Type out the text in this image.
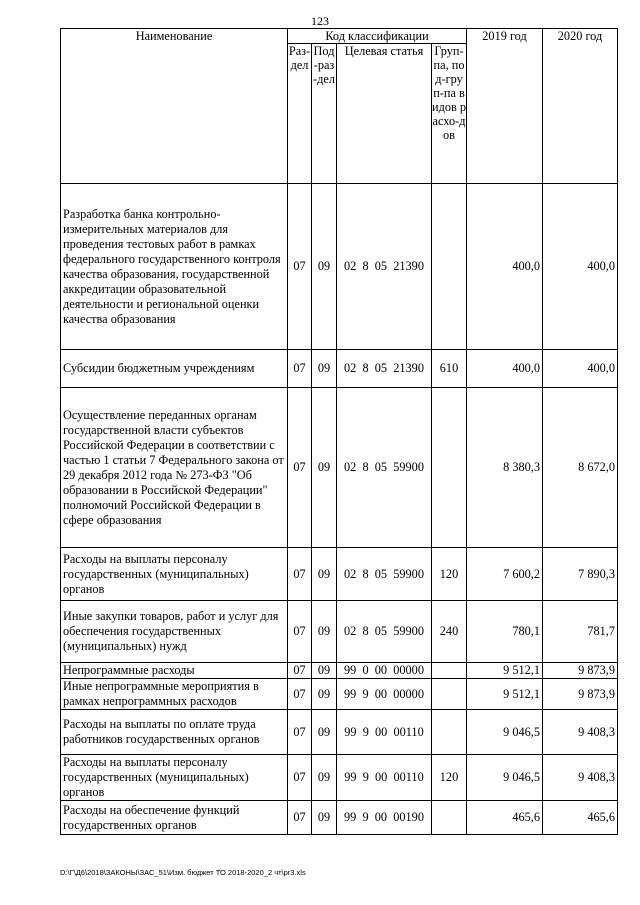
123
Наименование	Код классификации				2019 год	2020 год
	Раз-дел	Под-раз-дел	Целевая статья	Груп-па, под-груп-па видов расхо-дов		
Разработка банка контрольно-измерительных материалов для проведения тестовых работ в рамках федерального государственного контроля качества образования, государственной аккредитации образовательной деятельности и региональной оценки качества образования	07	09	02  8  05  21390		400,0	400,0
Субсидии бюджетным учреждениям	07	09	02  8  05  21390	610	400,0	400,0
Осуществление переданных органам государственной власти субъектов Российской Федерации в соответствии с частью 1 статьи 7 Федерального закона от 29 декабря 2012 года № 273-ФЗ "Об образовании в Российской Федерации" полномочий Российской Федерации в сфере образования	07	09	02  8  05  59900		8 380,3	8 672,0
Расходы на выплаты персоналу государственных (муниципальных) органов	07	09	02  8  05  59900	120	7 600,2	7 890,3
Иные закупки товаров, работ и услуг для обеспечения государственных (муниципальных) нужд	07	09	02  8  05  59900	240	780,1	781,7
Непрограммные расходы	07	09	99  0  00  00000		9 512,1	9 873,9
Иные непрограммные мероприятия в рамках непрограммных расходов	07	09	99  9  00  00000		9 512,1	9 873,9
Расходы на выплаты по оплате труда работников государственных органов	07	09	99  9  00  00110		9 046,5	9 408,3
Расходы на выплаты персоналу государственных (муниципальных) органов	07	09	99  9  00  00110	120	9 046,5	9 408,3
Расходы на обеспечение функций государственных органов	07	09	99  9  00  00190		465,6	465,6
D:\Г\Д6\2018\ЗАКОНЫ\ЗАС_51\Изм. бюджет ТО 2018-2020_2 чт\pr3.xls
